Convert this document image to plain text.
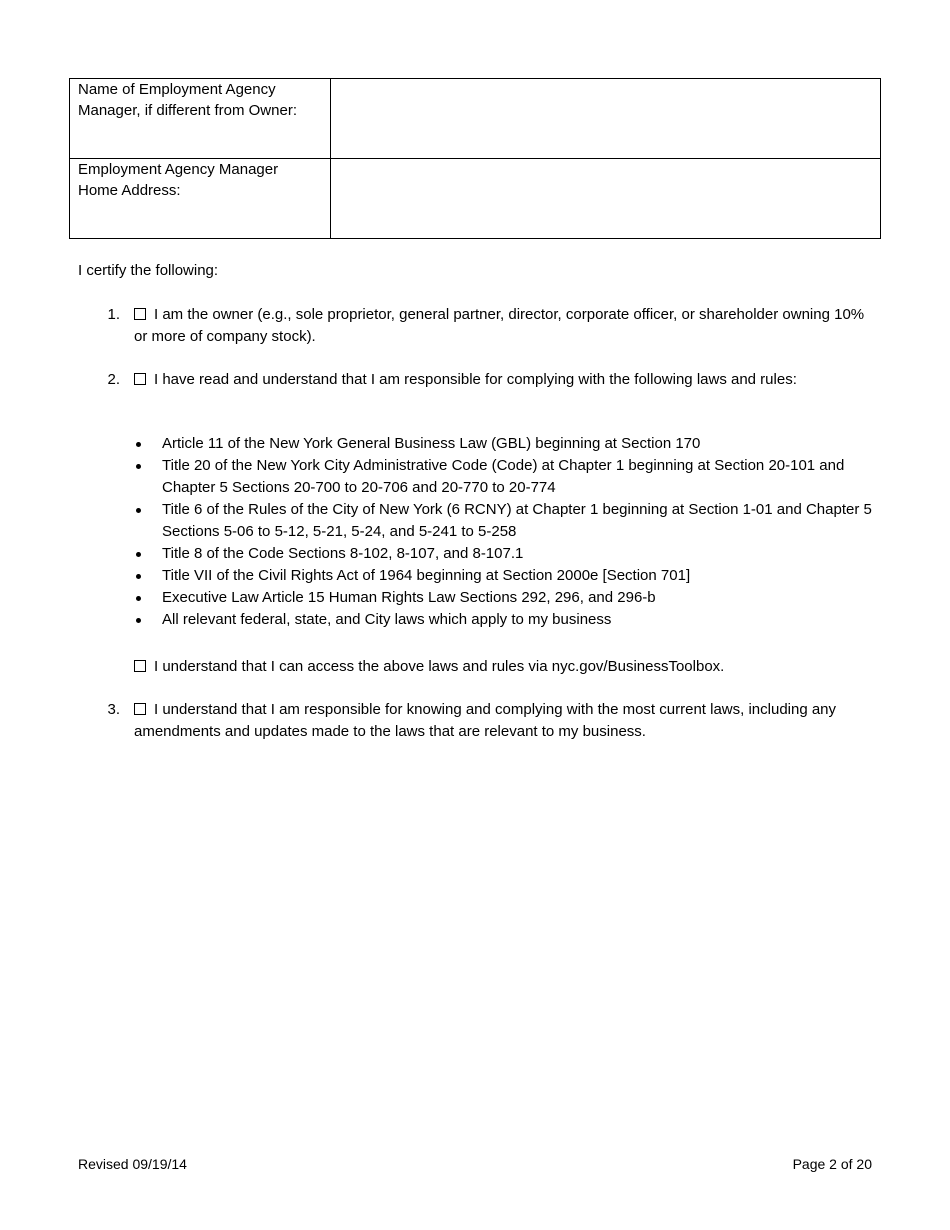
Name of Employment Agency Manager, if different from Owner:	
Employment Agency Manager Home Address:	
I certify the following:
1.	I am the owner (e.g., sole proprietor, general partner, director, corporate officer, or shareholder owning 10% or more of company stock).
2.	I have read and understand that I am responsible for complying with the following laws and rules:
Article 11 of the New York General Business Law (GBL) beginning at Section 170
Title 20 of the New York City Administrative Code (Code) at Chapter 1 beginning at Section 20-101 and Chapter 5 Sections 20-700 to 20-706 and 20-770 to 20-774
Title 6 of the Rules of the City of New York (6 RCNY) at Chapter 1 beginning at Section 1-01 and Chapter 5 Sections 5-06 to 5-12, 5-21, 5-24, and 5-241 to 5-258
Title 8 of the Code Sections 8-102, 8-107, and 8-107.1
Title VII of the Civil Rights Act of 1964 beginning at Section 2000e [Section 701]
Executive Law Article 15 Human Rights Law Sections 292, 296, and 296-b
All relevant federal, state, and City laws which apply to my business
I understand that I can access the above laws and rules via nyc.gov/BusinessToolbox.
3.	I understand that I am responsible for knowing and complying with the most current laws, including any amendments and updates made to the laws that are relevant to my business.
Revised 09/19/14	Page 2 of 20
